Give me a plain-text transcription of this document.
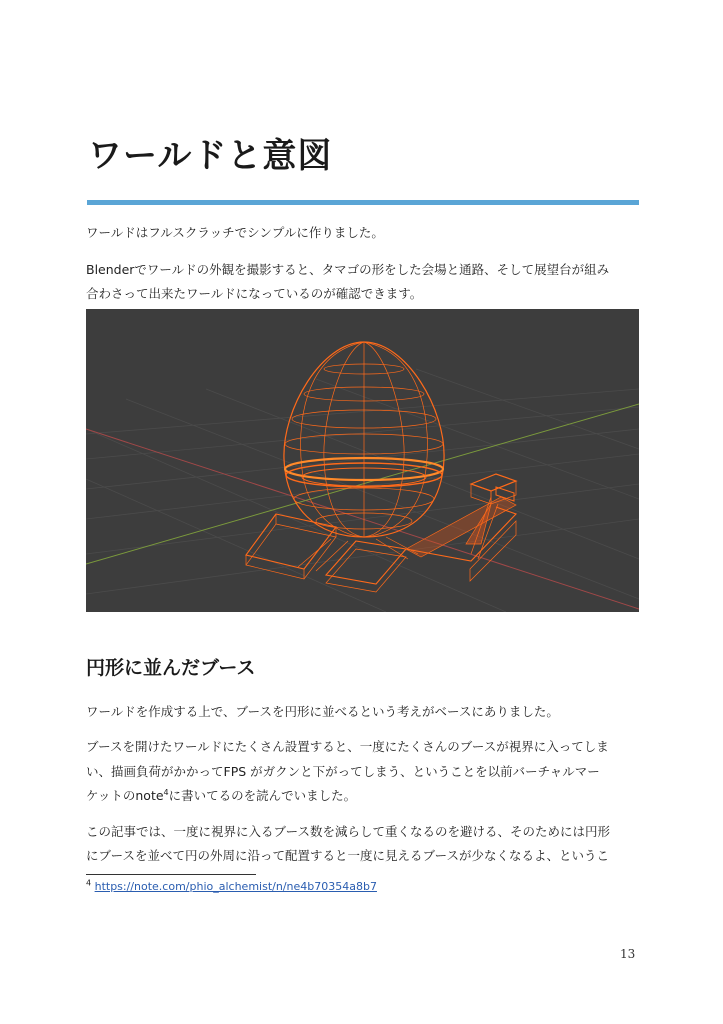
ワールドと意図

ワールドはフルスクラッチでシンプルに作りました。

Blenderでワールドの外観を撮影すると、タマゴの形をした会場と通路、そして展望台が組み

合わさって出来たワールドになっているのが確認できます。

円形に並んだブース

ワールドを作成する上で、ブースを円形に並べるという考えがベースにありました。

ブースを開けたワールドにたくさん設置すると、一度にたくさんのブースが視界に入ってしま

い、描画負荷がかかってFPS がガクンと下がってしまう、ということを以前バーチャルマー

ケットのnote$^4$に書いてるのを読んでいました。

この記事では、一度に視界に入るブース数を減らして重くなるのを避ける、そのためには円形

にブースを並べて円の外周に沿って配置すると一度に見えるブースが少なくなるよ、というこ

$^4$ https://note.com/phio_alchemist/n/ne4b70354a8b7
13
